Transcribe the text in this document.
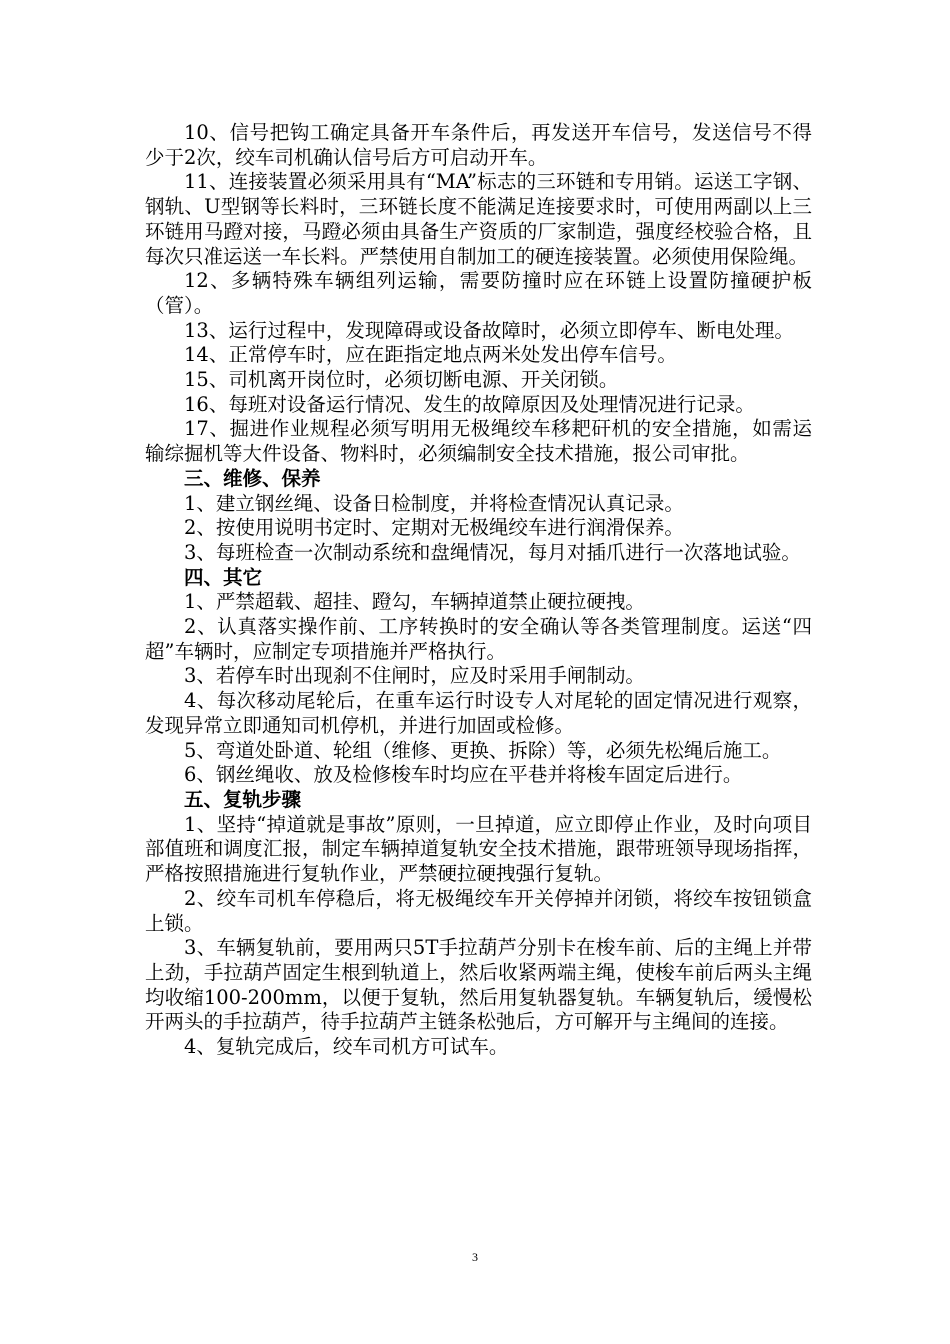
10、信号把钩工确定具备开车条件后，再发送开车信号，发送信号不得少于2次，绞车司机确认信号后方可启动开车。

11、连接装置必须采用具有“MA”标志的三环链和专用销。运送工字钢、钢轨、U型钢等长料时，三环链长度不能满足连接要求时，可使用两副以上三环链用马蹬对接，马蹬必须由具备生产资质的厂家制造，强度经校验合格，且每次只准运送一车长料。严禁使用自制加工的硬连接装置。必须使用保险绳。

12、多辆特殊车辆组列运输，需要防撞时应在环链上设置防撞硬护板（管）。

13、运行过程中，发现障碍或设备故障时，必须立即停车、断电处理。

14、正常停车时，应在距指定地点两米处发出停车信号。

15、司机离开岗位时，必须切断电源、开关闭锁。

16、每班对设备运行情况、发生的故障原因及处理情况进行记录。

17、掘进作业规程必须写明用无极绳绞车移耙矸机的安全措施，如需运输综掘机等大件设备、物料时，必须编制安全技术措施，报公司审批。

三、维修、保养

1、建立钢丝绳、设备日检制度，并将检查情况认真记录。

2、按使用说明书定时、定期对无极绳绞车进行润滑保养。

3、每班检查一次制动系统和盘绳情况，每月对插爪进行一次落地试验。

四、其它

1、严禁超载、超挂、蹬勾，车辆掉道禁止硬拉硬拽。

2、认真落实操作前、工序转换时的安全确认等各类管理制度。运送“四超”车辆时，应制定专项措施并严格执行。

3、若停车时出现刹不住闸时，应及时采用手闸制动。

4、每次移动尾轮后，在重车运行时设专人对尾轮的固定情况进行观察，发现异常立即通知司机停机，并进行加固或检修。

5、弯道处卧道、轮组（维修、更换、拆除）等，必须先松绳后施工。

6、钢丝绳收、放及检修梭车时均应在平巷并将梭车固定后进行。

五、复轨步骤

1、坚持“掉道就是事故”原则，一旦掉道，应立即停止作业，及时向项目部值班和调度汇报，制定车辆掉道复轨安全技术措施，跟带班领导现场指挥，严格按照措施进行复轨作业，严禁硬拉硬拽强行复轨。

2、绞车司机车停稳后，将无极绳绞车开关停掉并闭锁，将绞车按钮锁盒上锁。

3、车辆复轨前，要用两只5T手拉葫芦分别卡在梭车前、后的主绳上并带上劲，手拉葫芦固定生根到轨道上，然后收紧两端主绳，使梭车前后两头主绳均收缩100-200mm，以便于复轨，然后用复轨器复轨。车辆复轨后，缓慢松开两头的手拉葫芦，待手拉葫芦主链条松弛后，方可解开与主绳间的连接。

4、复轨完成后，绞车司机方可试车。

3
